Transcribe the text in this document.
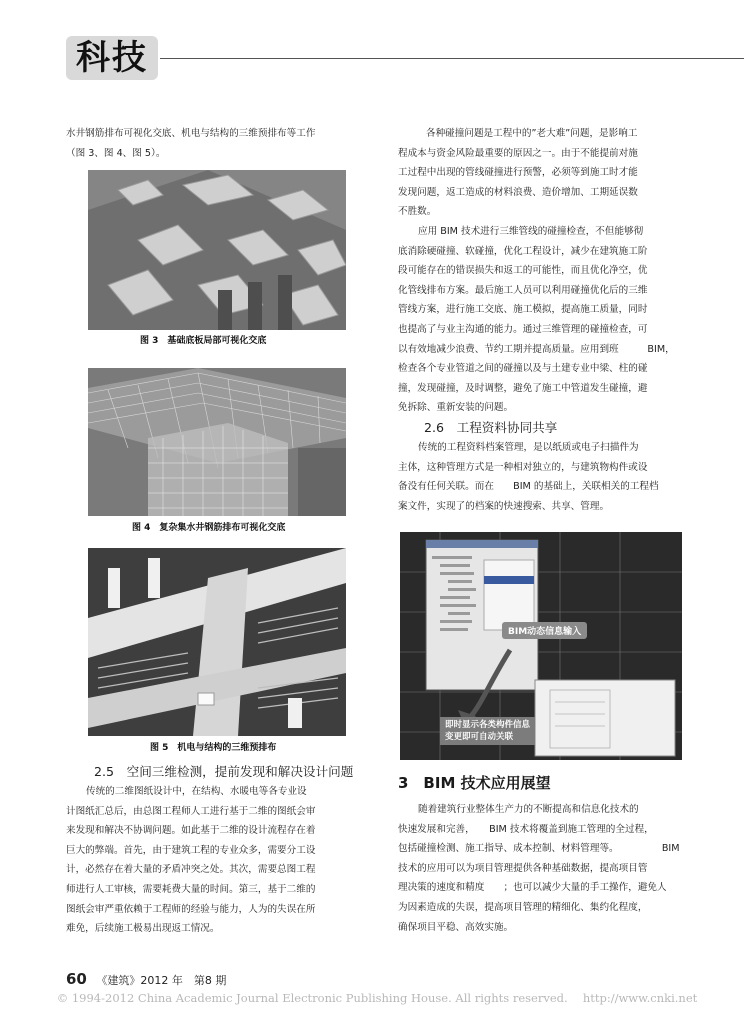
科技

水井钢筋排布可视化交底、机电与结构的三维预排布等工作

（图 3、图 4、图 5）。

图 3　基础底板局部可视化交底
图 4　复杂集水井钢筋排布可视化交底
图 5　机电与结构的三维预排布

2.5　空间三维检测，提前发现和解决设计问题

传统的二维图纸设计中，在结构、水暖电等各专业设

计图纸汇总后，由总图工程师人工进行基于二维的图纸会审

来发现和解决不协调问题。如此基于二维的设计流程存在着

巨大的弊端。首先，由于建筑工程的专业众多，需要分工设

计，必然存在着大量的矛盾冲突之处。其次，需要总图工程

师进行人工审核，需要耗费大量的时间。第三，基于二维的

图纸会审严重依赖于工程师的经验与能力，人为的失误在所

难免，后续施工极易出现返工情况。

各种碰撞问题是工程中的”老大难”问题，是影响工

程成本与资金风险最重要的原因之一。由于不能提前对施

工过程中出现的管线碰撞进行预警，必须等到施工时才能

发现问题，返工造成的材料浪费、造价增加、工期延误数

不胜数。

应用 BIM 技术进行三维管线的碰撞检查，不但能够彻

底消除硬碰撞、软碰撞，优化工程设计，减少在建筑施工阶

段可能存在的错误损失和返工的可能性，而且优化净空，优

化管线排布方案。最后施工人员可以利用碰撞优化后的三维

管线方案，进行施工交底、施工模拟，提高施工质量，同时

也提高了与业主沟通的能力。通过三维管理的碰撞检查，可

以有效地减少浪费、节约工期并提高质量。应用到班　　　BIM，

检查各个专业管道之间的碰撞以及与土建专业中梁、柱的碰

撞，发现碰撞，及时调整，避免了施工中管道发生碰撞，避

免拆除、重新安装的问题。

2.6　工程资料协同共享

传统的工程资料档案管理，是以纸质或电子扫描件为

主体，这种管理方式是一种相对独立的，与建筑物构件或设

备没有任何关联。而在　　BIM 的基础上，关联相关的工程档

案文件，实现了的档案的快速搜索、共享、管理。

BIM动态信息输入
即时显示各类构件信息
变更即可自动关联
3　BIM 技术应用展望

随着建筑行业整体生产力的不断提高和信息化技术的

快速发展和完善，　　BIM 技术将覆盖到施工管理的全过程，

包括碰撞检测、施工指导、成本控制、材料管理等。　　　　　BIM

技术的应用可以为项目管理提供各种基础数据，提高项目管

理决策的速度和精度　　；也可以减少大量的手工操作，避免人

为因素造成的失误，提高项目管理的精细化、集约化程度，

确保项目平稳、高效实施。

60 《建筑》2012 年　第8 期
© 1994-2012 China Academic Journal Electronic Publishing House. All rights reserved.　 http://www.cnki.net
